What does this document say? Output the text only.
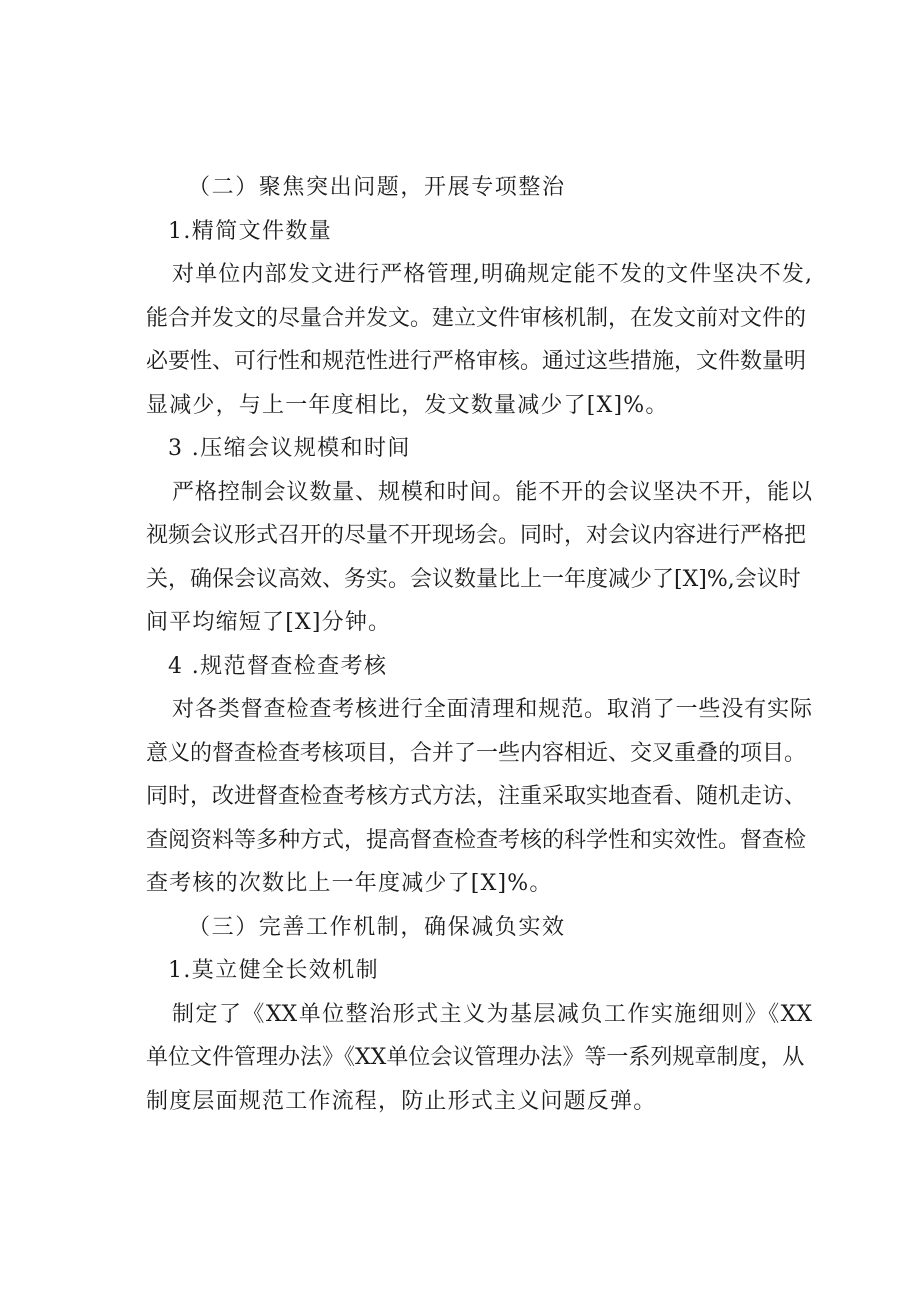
（二）聚焦突出问题，开展专项整治
1.精简文件数量
对单位内部发文进行严格管理,明确规定能不发的文件坚决不发,
能合并发文的尽量合并发文。建立文件审核机制，在发文前对文件的
必要性、可行性和规范性进行严格审核。通过这些措施，文件数量明
显减少，与上一年度相比，发文数量减少了[X]%。
3 .压缩会议规模和时间
严格控制会议数量、规模和时间。能不开的会议坚决不开，能以
视频会议形式召开的尽量不开现场会。同时，对会议内容进行严格把
关，确保会议高效、务实。会议数量比上一年度减少了[X]%,会议时
间平均缩短了[X]分钟。
4 .规范督查检查考核
对各类督查检查考核进行全面清理和规范。取消了一些没有实际
意义的督查检查考核项目，合并了一些内容相近、交叉重叠的项目。
同时，改进督查检查考核方式方法，注重采取实地查看、随机走访、
查阅资料等多种方式，提高督查检查考核的科学性和实效性。督查检
查考核的次数比上一年度减少了[X]%。
（三）完善工作机制，确保减负实效
1.莫立健全长效机制
制定了《XX单位整治形式主义为基层减负工作实施细则》《XX
单位文件管理办法》《XX单位会议管理办法》等一系列规章制度，从
制度层面规范工作流程，防止形式主义问题反弹。
